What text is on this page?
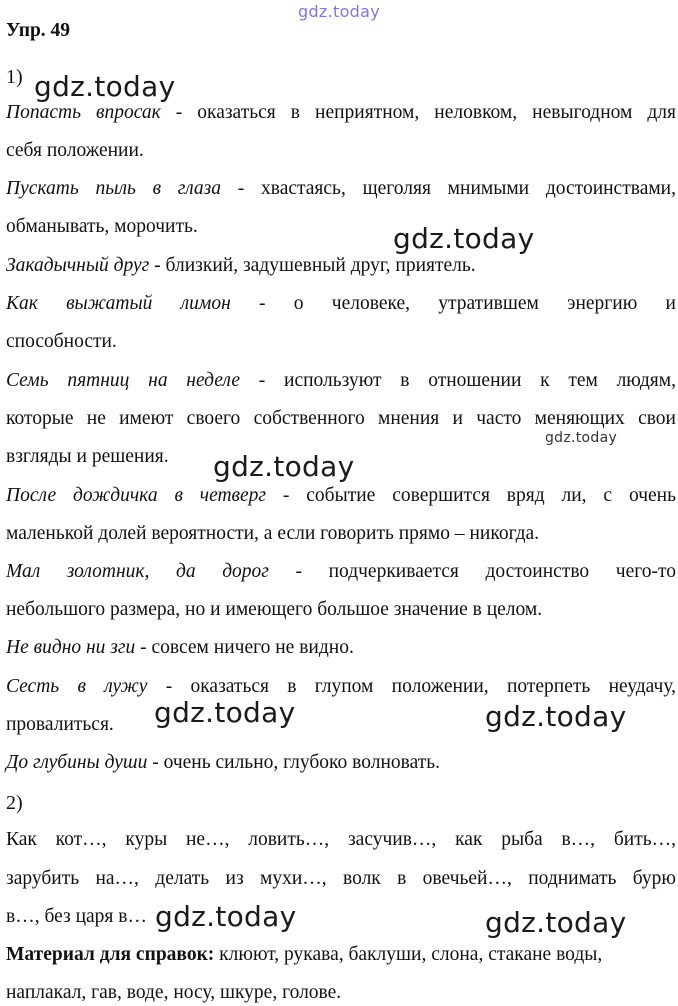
gdz.today
gdz.today
gdz.today
gdz.today
gdz.today
gdz.today	gdz.today
gdz.today	gdz.today
Упр. 49
1)
Попасть впросак - оказаться в неприятном, неловком, невыгодном для
себя положении.
Пускать пыль в глаза - хвастаясь, щеголяя мнимыми достоинствами,
обманывать, морочить.
Закадычный друг - близкий, задушевный друг, приятель.
Как выжатый лимон - о человеке, утратившем энергию и
способности.
Семь пятниц на неделе - используют в отношении к тем людям,
которые не имеют своего собственного мнения и часто меняющих свои
взгляды и решения.
После дождичка в четверг - событие совершится вряд ли, с очень
маленькой долей вероятности, а если говорить прямо – никогда.
Мал золотник, да дорог - подчеркивается достоинство чего-то
небольшого размера, но и имеющего большое значение в целом.
Не видно ни зги - совсем ничего не видно.
Сесть в лужу - оказаться в глупом положении, потерпеть неудачу,
провалиться.
До глубины души - очень сильно, глубоко волновать.
2)
Как кот…, куры не…, ловить…, засучив…, как рыба в…, бить…,
зарубить на…, делать из мухи…, волк в овечьей…, поднимать бурю
в…, без царя в…
Материал для справок: клюют, рукава, баклуши, слона, стакане воды,
наплакал, гав, воде, носу, шкуре, голове.
